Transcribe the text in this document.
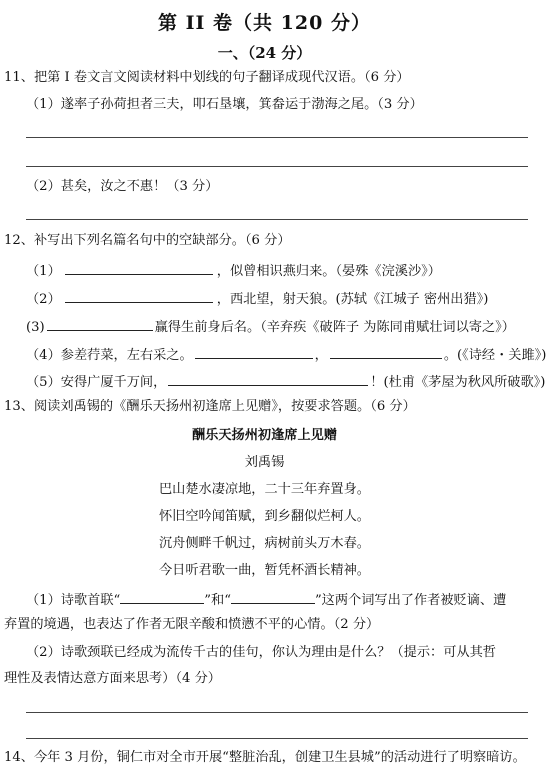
第 II 卷（共 120 分）
一、（24 分）
11、把第 I 卷文言文阅读材料中划线的句子翻译成现代汉语。（6 分）
（1）遂率子孙荷担者三夫，叩石垦壤，箕畚运于渤海之尾。（3 分）
（2）甚矣，汝之不惠！（3 分）
12、补写出下列名篇名句中的空缺部分。（6 分）
（1）	，似曾相识燕归来。（晏殊《浣溪沙》）
（2）	，西北望，射天狼。(苏轼《江城子 密州出猎》)
(3)	赢得生前身后名。（辛弃疾《破阵子 为陈同甫赋壮词以寄之》）
（4）参差荇菜，左右采之。	，	。(《诗经・关雎》)
（5）安得广厦千万间，	！(杜甫《茅屋为秋风所破歌》)
13、阅读刘禹锡的《酬乐天扬州初逢席上见赠》，按要求答题。（6 分）
酬乐天扬州初逢席上见赠
刘禹锡
巴山楚水凄凉地，二十三年弃置身。
怀旧空吟闻笛赋，到乡翻似烂柯人。
沉舟侧畔千帆过，病树前头万木春。
今日听君歌一曲，暂凭杯酒长精神。
（1）诗歌首联“	”和“	”这两个词写出了作者被贬谪、遭
弃置的境遇，也表达了作者无限辛酸和愤懑不平的心情。（2 分）
（2）诗歌颈联已经成为流传千古的佳句，你认为理由是什么？（提示：可从其哲
理性及表情达意方面来思考）（4 分）
14、今年 3 月份，铜仁市对全市开展“整脏治乱，创建卫生县城”的活动进行了明察暗访。
